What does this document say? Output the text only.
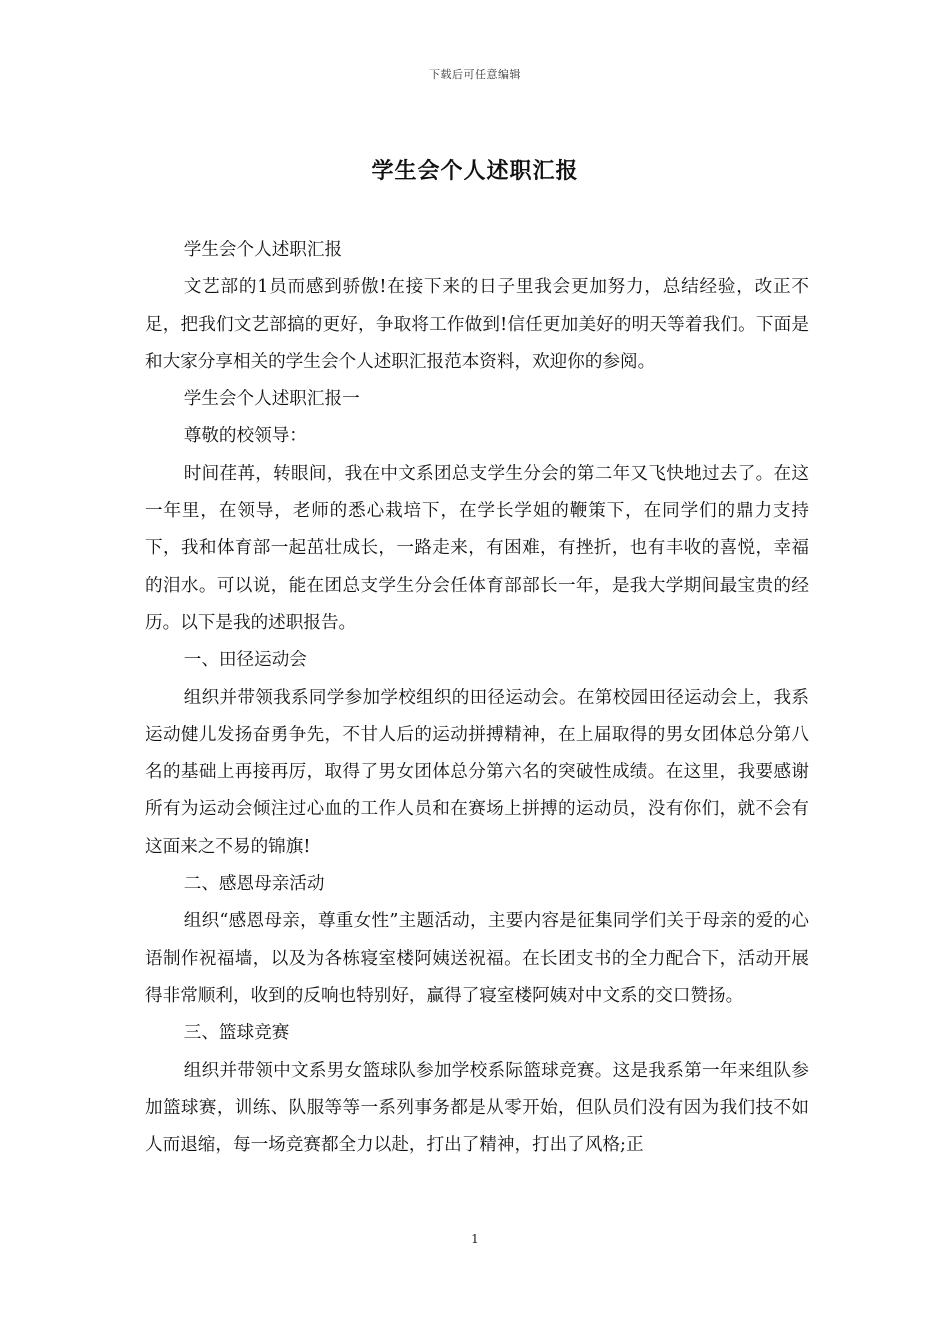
下载后可任意编辑
学生会个人述职汇报

学生会个人述职汇报

文艺部的1员而感到骄傲!在接下来的日子里我会更加努力，总结经验，改正不足，把我们文艺部搞的更好，争取将工作做到!信任更加美好的明天等着我们。下面是和大家分享相关的学生会个人述职汇报范本资料，欢迎你的参阅。

学生会个人述职汇报一

尊敬的校领导：

时间荏苒，转眼间，我在中文系团总支学生分会的第二年又飞快地过去了。在这一年里，在领导，老师的悉心栽培下，在学长学姐的鞭策下，在同学们的鼎力支持下，我和体育部一起茁壮成长，一路走来，有困难，有挫折，也有丰收的喜悦，幸福的泪水。可以说，能在团总支学生分会任体育部部长一年，是我大学期间最宝贵的经历。以下是我的述职报告。

一、田径运动会

组织并带领我系同学参加学校组织的田径运动会。在第校园田径运动会上，我系运动健儿发扬奋勇争先，不甘人后的运动拼搏精神，在上届取得的男女团体总分第八名的基础上再接再厉，取得了男女团体总分第六名的突破性成绩。在这里，我要感谢所有为运动会倾注过心血的工作人员和在赛场上拼搏的运动员，没有你们，就不会有这面来之不易的锦旗!

二、感恩母亲活动

组织“感恩母亲，尊重女性”主题活动，主要内容是征集同学们关于母亲的爱的心语制作祝福墙，以及为各栋寝室楼阿姨送祝福。在长团支书的全力配合下，活动开展得非常顺利，收到的反响也特别好，赢得了寝室楼阿姨对中文系的交口赞扬。

三、篮球竞赛

组织并带领中文系男女篮球队参加学校系际篮球竞赛。这是我系第一年来组队参加篮球赛，训练、队服等等一系列事务都是从零开始，但队员们没有因为我们技不如人而退缩，每一场竞赛都全力以赴，打出了精神，打出了风格;正

1
